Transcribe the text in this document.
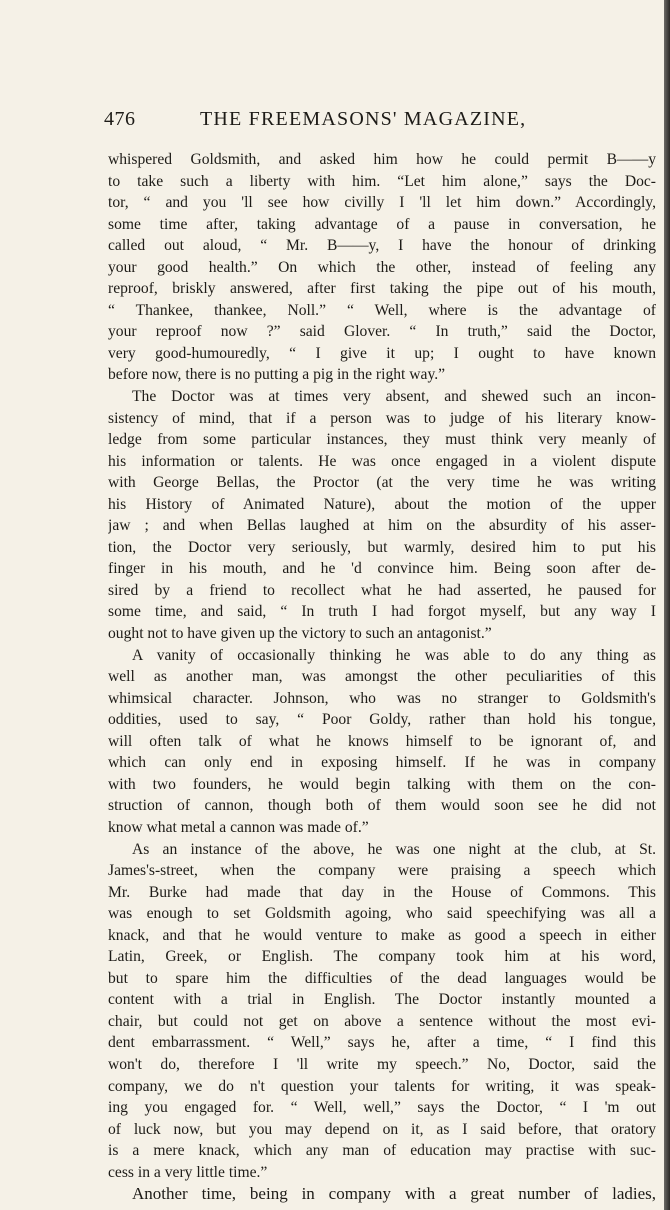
476	THE FREEMASONS' MAGAZINE,
whispered Goldsmith, and asked him how he could permit B——y
to take such a liberty with him. “Let him alone,” says the Doc-
tor, “ and you 'll see how civilly I 'll let him down.” Accordingly,
some time after, taking advantage of a pause in conversation, he
called out aloud, “ Mr. B——y, I have the honour of drinking
your good health.” On which the other, instead of feeling any
reproof, briskly answered, after first taking the pipe out of his mouth,
“ Thankee, thankee, Noll.” “ Well, where is the advantage of
your reproof now ?” said Glover. “ In truth,” said the Doctor,
very good-humouredly, “ I give it up; I ought to have known
before now, there is no putting a pig in the right way.”
The Doctor was at times very absent, and shewed such an incon-
sistency of mind, that if a person was to judge of his literary know-
ledge from some particular instances, they must think very meanly of
his information or talents. He was once engaged in a violent dispute
with George Bellas, the Proctor (at the very time he was writing
his History of Animated Nature), about the motion of the upper
jaw ; and when Bellas laughed at him on the absurdity of his asser-
tion, the Doctor very seriously, but warmly, desired him to put his
finger in his mouth, and he 'd convince him. Being soon after de-
sired by a friend to recollect what he had asserted, he paused for
some time, and said, “ In truth I had forgot myself, but any way I
ought not to have given up the victory to such an antagonist.”
A vanity of occasionally thinking he was able to do any thing as
well as another man, was amongst the other peculiarities of this
whimsical character. Johnson, who was no stranger to Goldsmith's
oddities, used to say, “ Poor Goldy, rather than hold his tongue,
will often talk of what he knows himself to be ignorant of, and
which can only end in exposing himself. If he was in company
with two founders, he would begin talking with them on the con-
struction of cannon, though both of them would soon see he did not
know what metal a cannon was made of.”
As an instance of the above, he was one night at the club, at St.
James's-street, when the company were praising a speech which
Mr. Burke had made that day in the House of Commons. This
was enough to set Goldsmith agoing, who said speechifying was all a
knack, and that he would venture to make as good a speech in either
Latin, Greek, or English. The company took him at his word,
but to spare him the difficulties of the dead languages would be
content with a trial in English. The Doctor instantly mounted a
chair, but could not get on above a sentence without the most evi-
dent embarrassment. “ Well,” says he, after a time, “ I find this
won't do, therefore I 'll write my speech.” No, Doctor, said the
company, we do n't question your talents for writing, it was speak-
ing you engaged for. “ Well, well,” says the Doctor, “ I 'm out
of luck now, but you may depend on it, as I said before, that oratory
is a mere knack, which any man of education may practise with suc-
cess in a very little time.”
Another time, being in company with a great number of ladies,
